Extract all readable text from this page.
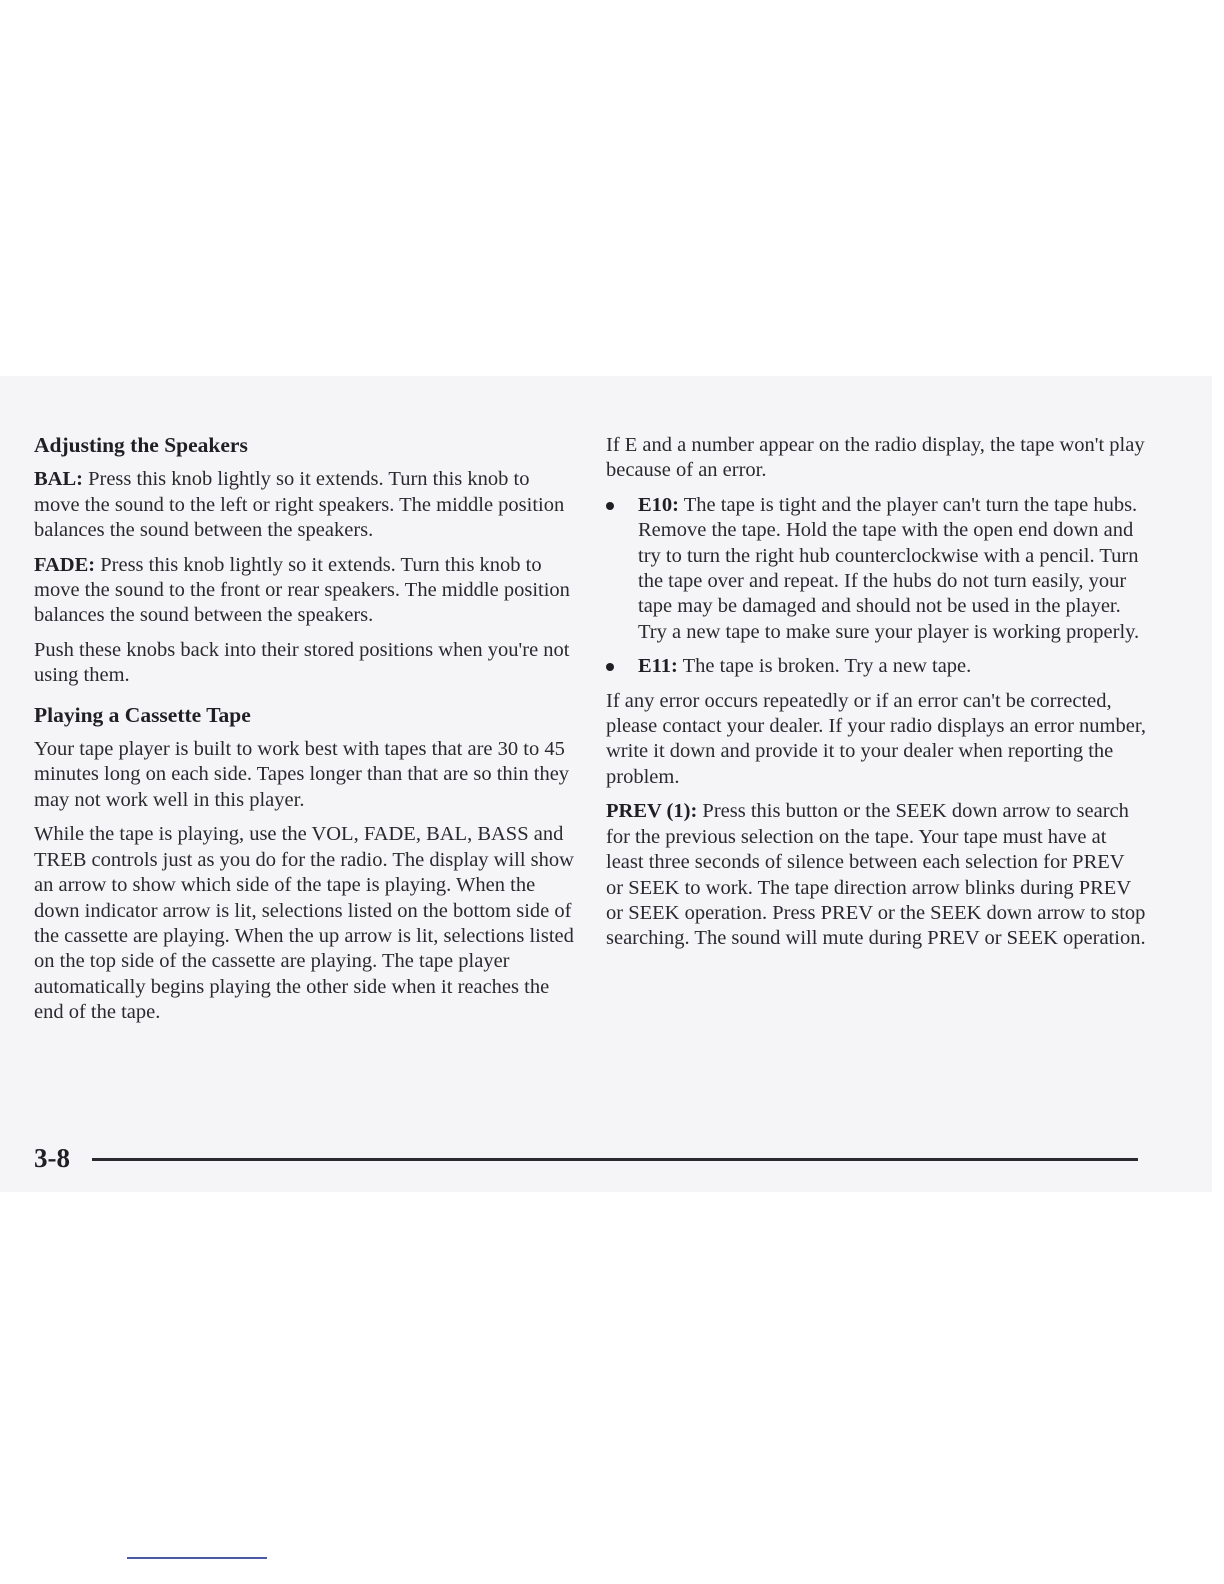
Adjusting the Speakers
BAL: Press this knob lightly so it extends. Turn this knob to move the sound to the left or right speakers. The middle position balances the sound between the speakers.
FADE: Press this knob lightly so it extends. Turn this knob to move the sound to the front or rear speakers. The middle position balances the sound between the speakers.
Push these knobs back into their stored positions when you're not using them.
Playing a Cassette Tape
Your tape player is built to work best with tapes that are 30 to 45 minutes long on each side. Tapes longer than that are so thin they may not work well in this player.
While the tape is playing, use the VOL, FADE, BAL, BASS and TREB controls just as you do for the radio. The display will show an arrow to show which side of the tape is playing. When the down indicator arrow is lit, selections listed on the bottom side of the cassette are playing. When the up arrow is lit, selections listed on the top side of the cassette are playing. The tape player automatically begins playing the other side when it reaches the end of the tape.
If E and a number appear on the radio display, the tape won't play because of an error.
E10: The tape is tight and the player can't turn the tape hubs. Remove the tape. Hold the tape with the open end down and try to turn the right hub counterclockwise with a pencil. Turn the tape over and repeat. If the hubs do not turn easily, your tape may be damaged and should not be used in the player. Try a new tape to make sure your player is working properly.
E11: The tape is broken. Try a new tape.
If any error occurs repeatedly or if an error can't be corrected, please contact your dealer. If your radio displays an error number, write it down and provide it to your dealer when reporting the problem.
PREV (1): Press this button or the SEEK down arrow to search for the previous selection on the tape. Your tape must have at least three seconds of silence between each selection for PREV or SEEK to work. The tape direction arrow blinks during PREV or SEEK operation. Press PREV or the SEEK down arrow to stop searching. The sound will mute during PREV or SEEK operation.
3-8
